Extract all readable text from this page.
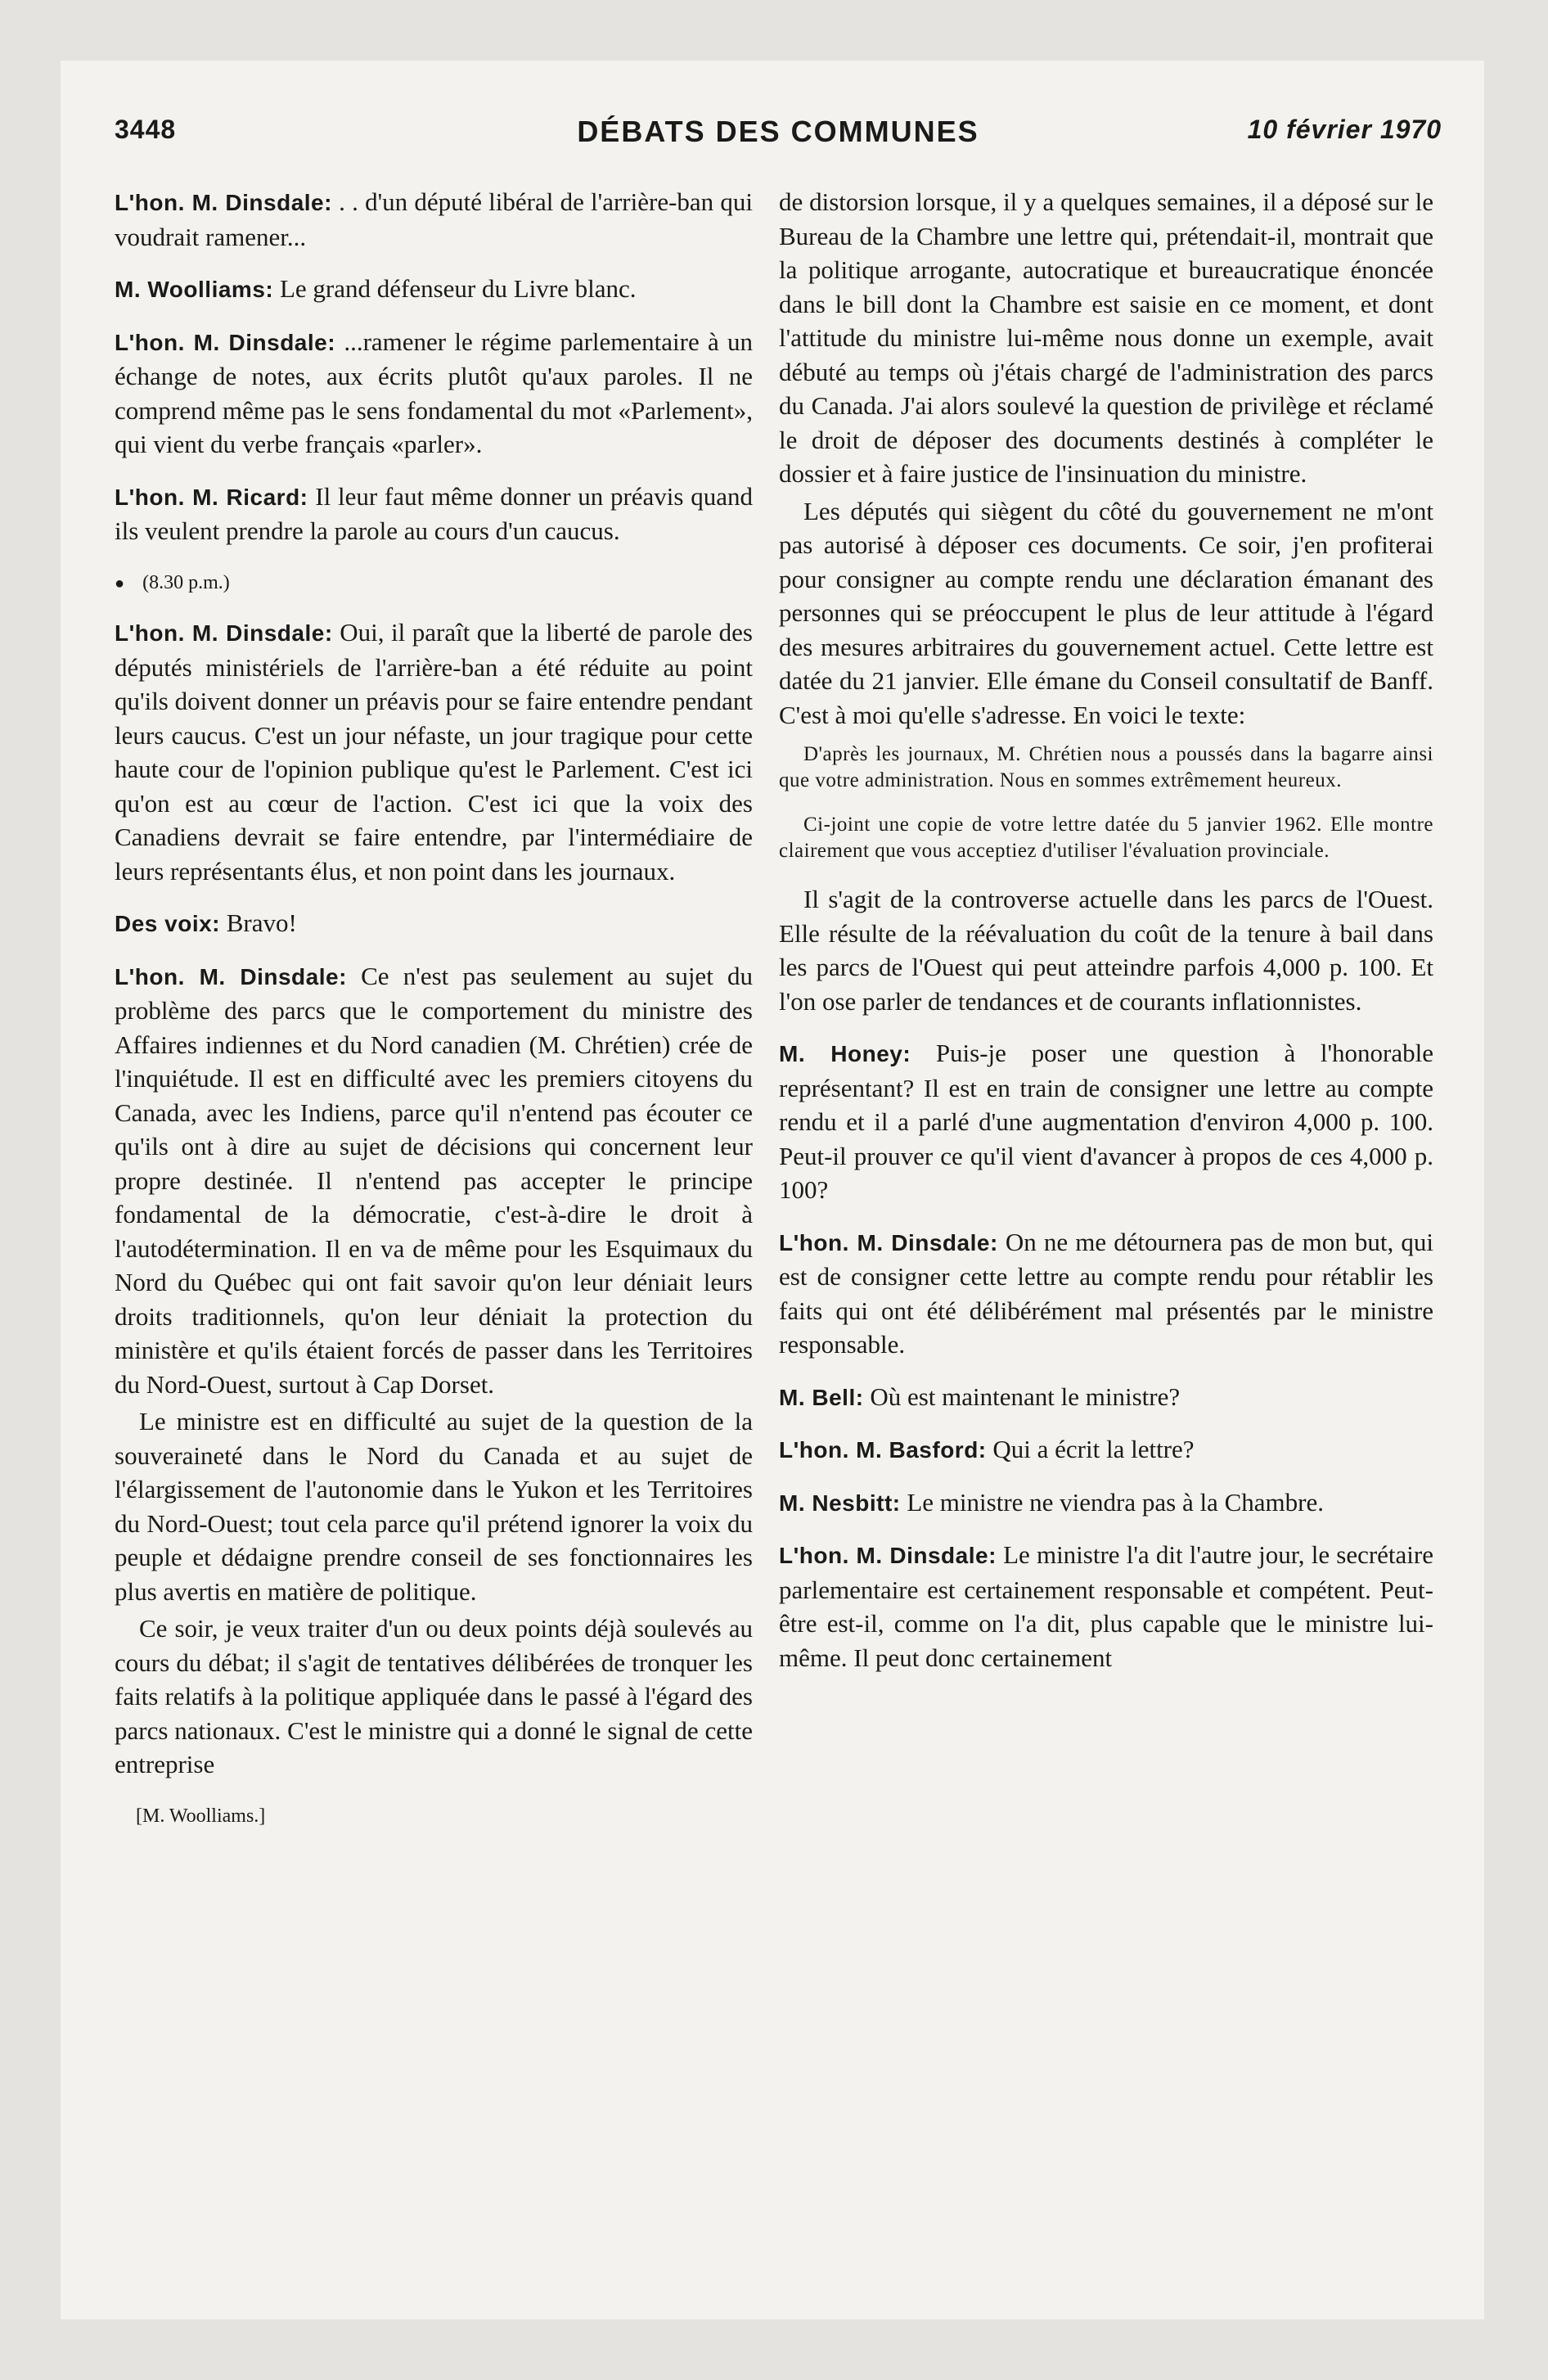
3448	DÉBATS DES COMMUNES	10 février 1970

L'hon. M. Dinsdale: . . d'un député libéral de l'arrière-ban qui voudrait ramener...

M. Woolliams: Le grand défenseur du Livre blanc.

L'hon. M. Dinsdale: ...ramener le régime parlementaire à un échange de notes, aux écrits plutôt qu'aux paroles. Il ne comprend même pas le sens fondamental du mot «Parlement», qui vient du verbe français «parler».

L'hon. M. Ricard: Il leur faut même donner un préavis quand ils veulent prendre la parole au cours d'un caucus.

● (8.30 p.m.)

L'hon. M. Dinsdale: Oui, il paraît que la liberté de parole des députés ministériels de l'arrière-ban a été réduite au point qu'ils doivent donner un préavis pour se faire entendre pendant leurs caucus. C'est un jour néfaste, un jour tragique pour cette haute cour de l'opinion publique qu'est le Parlement. C'est ici qu'on est au cœur de l'action. C'est ici que la voix des Canadiens devrait se faire entendre, par l'intermédiaire de leurs représentants élus, et non point dans les journaux.

Des voix: Bravo!

L'hon. M. Dinsdale: Ce n'est pas seulement au sujet du problème des parcs que le comportement du ministre des Affaires indiennes et du Nord canadien (M. Chrétien) crée de l'inquiétude. Il est en difficulté avec les premiers citoyens du Canada, avec les Indiens, parce qu'il n'entend pas écouter ce qu'ils ont à dire au sujet de décisions qui concernent leur propre destinée. Il n'entend pas accepter le principe fondamental de la démocratie, c'est-à-dire le droit à l'autodétermination. Il en va de même pour les Esquimaux du Nord du Québec qui ont fait savoir qu'on leur déniait leurs droits traditionnels, qu'on leur déniait la protection du ministère et qu'ils étaient forcés de passer dans les Territoires du Nord-Ouest, surtout à Cap Dorset.

Le ministre est en difficulté au sujet de la question de la souveraineté dans le Nord du Canada et au sujet de l'élargissement de l'autonomie dans le Yukon et les Territoires du Nord-Ouest; tout cela parce qu'il prétend ignorer la voix du peuple et dédaigne prendre conseil de ses fonctionnaires les plus avertis en matière de politique.

Ce soir, je veux traiter d'un ou deux points déjà soulevés au cours du débat; il s'agit de tentatives délibérées de tronquer les faits relatifs à la politique appliquée dans le passé à l'égard des parcs nationaux. C'est le ministre qui a donné le signal de cette entreprise

[M. Woolliams.]

de distorsion lorsque, il y a quelques semaines, il a déposé sur le Bureau de la Chambre une lettre qui, prétendait-il, montrait que la politique arrogante, autocratique et bureaucratique énoncée dans le bill dont la Chambre est saisie en ce moment, et dont l'attitude du ministre lui-même nous donne un exemple, avait débuté au temps où j'étais chargé de l'administration des parcs du Canada. J'ai alors soulevé la question de privilège et réclamé le droit de déposer des documents destinés à compléter le dossier et à faire justice de l'insinuation du ministre.

Les députés qui siègent du côté du gouvernement ne m'ont pas autorisé à déposer ces documents. Ce soir, j'en profiterai pour consigner au compte rendu une déclaration émanant des personnes qui se préoccupent le plus de leur attitude à l'égard des mesures arbitraires du gouvernement actuel. Cette lettre est datée du 21 janvier. Elle émane du Conseil consultatif de Banff. C'est à moi qu'elle s'adresse. En voici le texte:

D'après les journaux, M. Chrétien nous a poussés dans la bagarre ainsi que votre administration. Nous en sommes extrêmement heureux.

Ci-joint une copie de votre lettre datée du 5 janvier 1962. Elle montre clairement que vous acceptiez d'utiliser l'évaluation provinciale.

Il s'agit de la controverse actuelle dans les parcs de l'Ouest. Elle résulte de la réévaluation du coût de la tenure à bail dans les parcs de l'Ouest qui peut atteindre parfois 4,000 p. 100. Et l'on ose parler de tendances et de courants inflationnistes.

M. Honey: Puis-je poser une question à l'honorable représentant? Il est en train de consigner une lettre au compte rendu et il a parlé d'une augmentation d'environ 4,000 p. 100. Peut-il prouver ce qu'il vient d'avancer à propos de ces 4,000 p. 100?

L'hon. M. Dinsdale: On ne me détournera pas de mon but, qui est de consigner cette lettre au compte rendu pour rétablir les faits qui ont été délibérément mal présentés par le ministre responsable.

M. Bell: Où est maintenant le ministre?

L'hon. M. Basford: Qui a écrit la lettre?

M. Nesbitt: Le ministre ne viendra pas à la Chambre.

L'hon. M. Dinsdale: Le ministre l'a dit l'autre jour, le secrétaire parlementaire est certainement responsable et compétent. Peut-être est-il, comme on l'a dit, plus capable que le ministre lui-même. Il peut donc certainement
